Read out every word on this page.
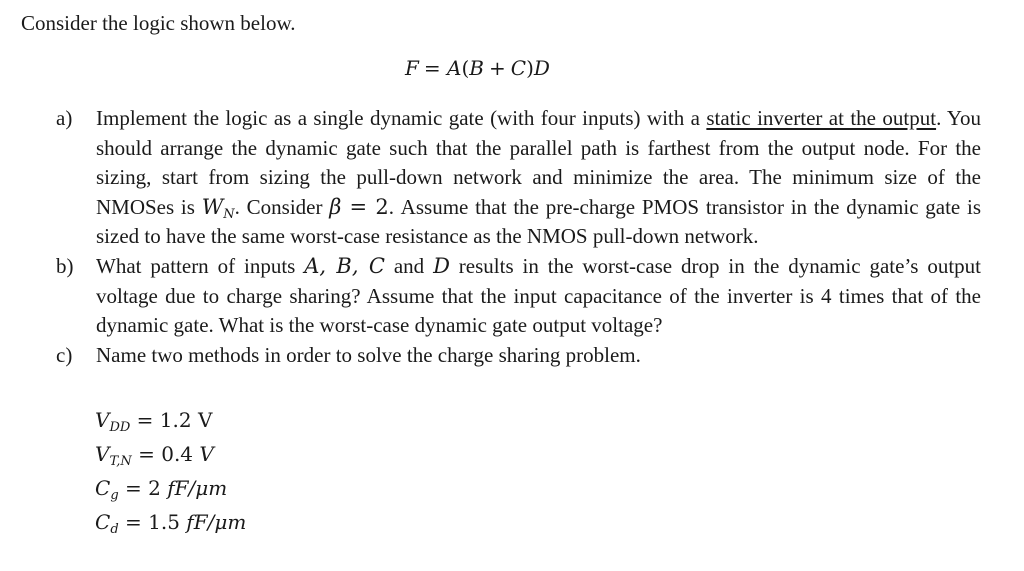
Consider the logic shown below.
F = A(B + C)D
a) Implement the logic as a single dynamic gate (with four inputs) with a static inverter at the output. You should arrange the dynamic gate such that the parallel path is farthest from the output node. For the sizing, start from sizing the pull-down network and minimize the area. The minimum size of the NMOSes is $W_N$. Consider β = 2. Assume that the pre-charge PMOS transistor in the dynamic gate is sized to have the same worst-case resistance as the NMOS pull-down network.
b) What pattern of inputs A, B, C and D results in the worst-case drop in the dynamic gate’s output voltage due to charge sharing? Assume that the input capacitance of the inverter is 4 times that of the dynamic gate. What is the worst-case dynamic gate output voltage?
c) Name two methods in order to solve the charge sharing problem.
$V_{DD} = 1.2$ V
$V_{T,N} = 0.4$ V
$C_g = 2$ fF/μm
$C_d = 1.5$ fF/μm
